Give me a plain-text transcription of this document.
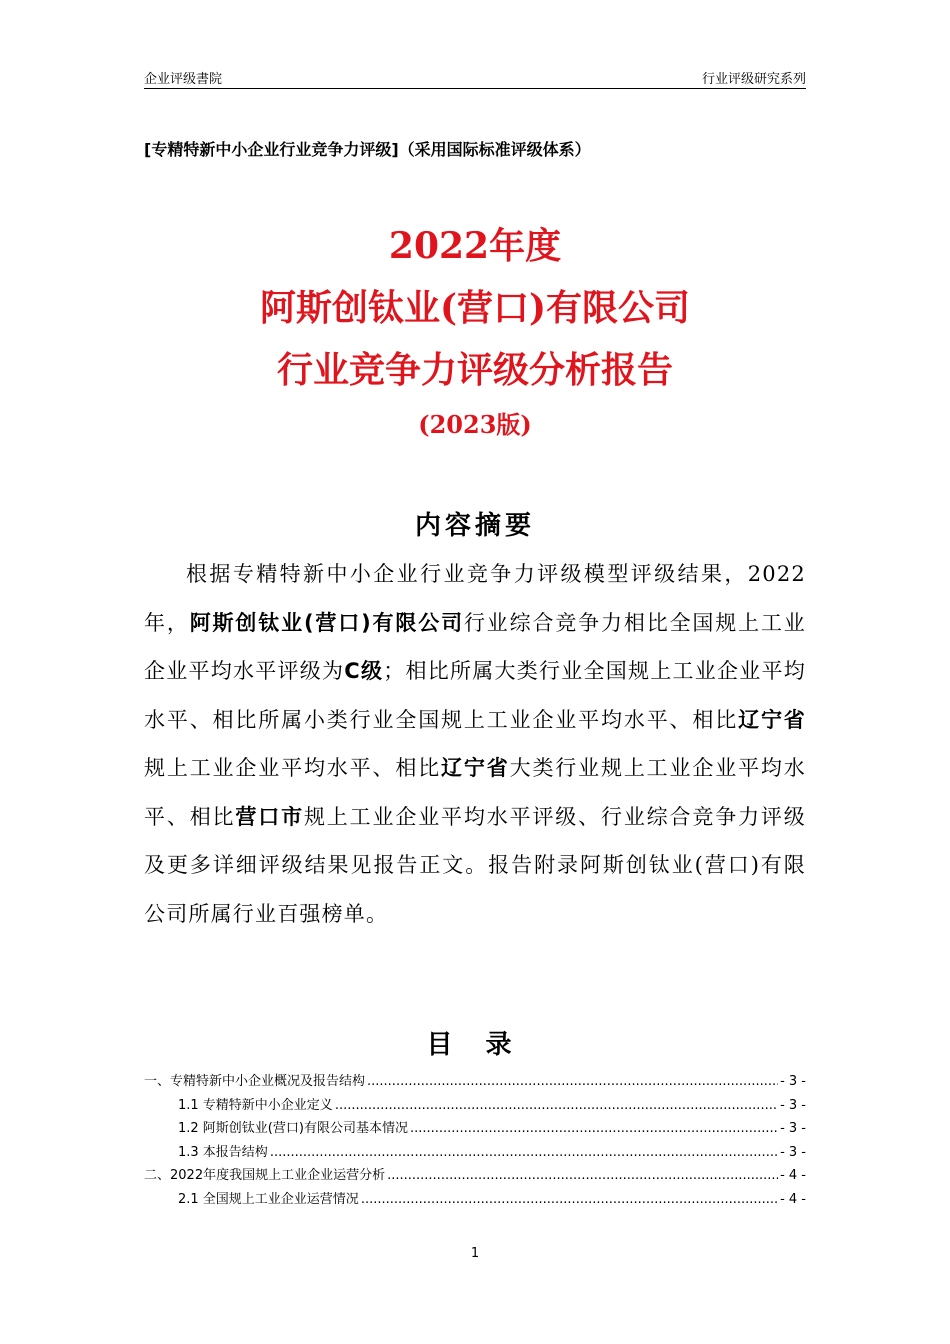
企业评级書院	行业评级研究系列
[专精特新中小企业行业竞争力评级]（采用国际标准评级体系）
2022年度
阿斯创钛业(营口)有限公司
行业竞争力评级分析报告
(2023版)
内容摘要
根据专精特新中小企业行业竞争力评级模型评级结果，2022年，阿斯创钛业(营口)有限公司行业综合竞争力相比全国规上工业企业平均水平评级为C级；相比所属大类行业全国规上工业企业平均水平、相比所属小类行业全国规上工业企业平均水平、相比辽宁省规上工业企业平均水平、相比辽宁省大类行业规上工业企业平均水平、相比营口市规上工业企业平均水平评级、行业综合竞争力评级及更多详细评级结果见报告正文。报告附录阿斯创钛业(营口)有限公司所属行业百强榜单。
目 录
一、专精特新中小企业概况及报告结构 .....	- 3 -
1.1 专精特新中小企业定义 .....	- 3 -
1.2 阿斯创钛业(营口)有限公司基本情况 .....	- 3 -
1.3 本报告结构 .....	- 3 -
二、2022年度我国规上工业企业运营分析 .....	- 4 -
2.1 全国规上工业企业运营情况 .....	- 4 -
1
